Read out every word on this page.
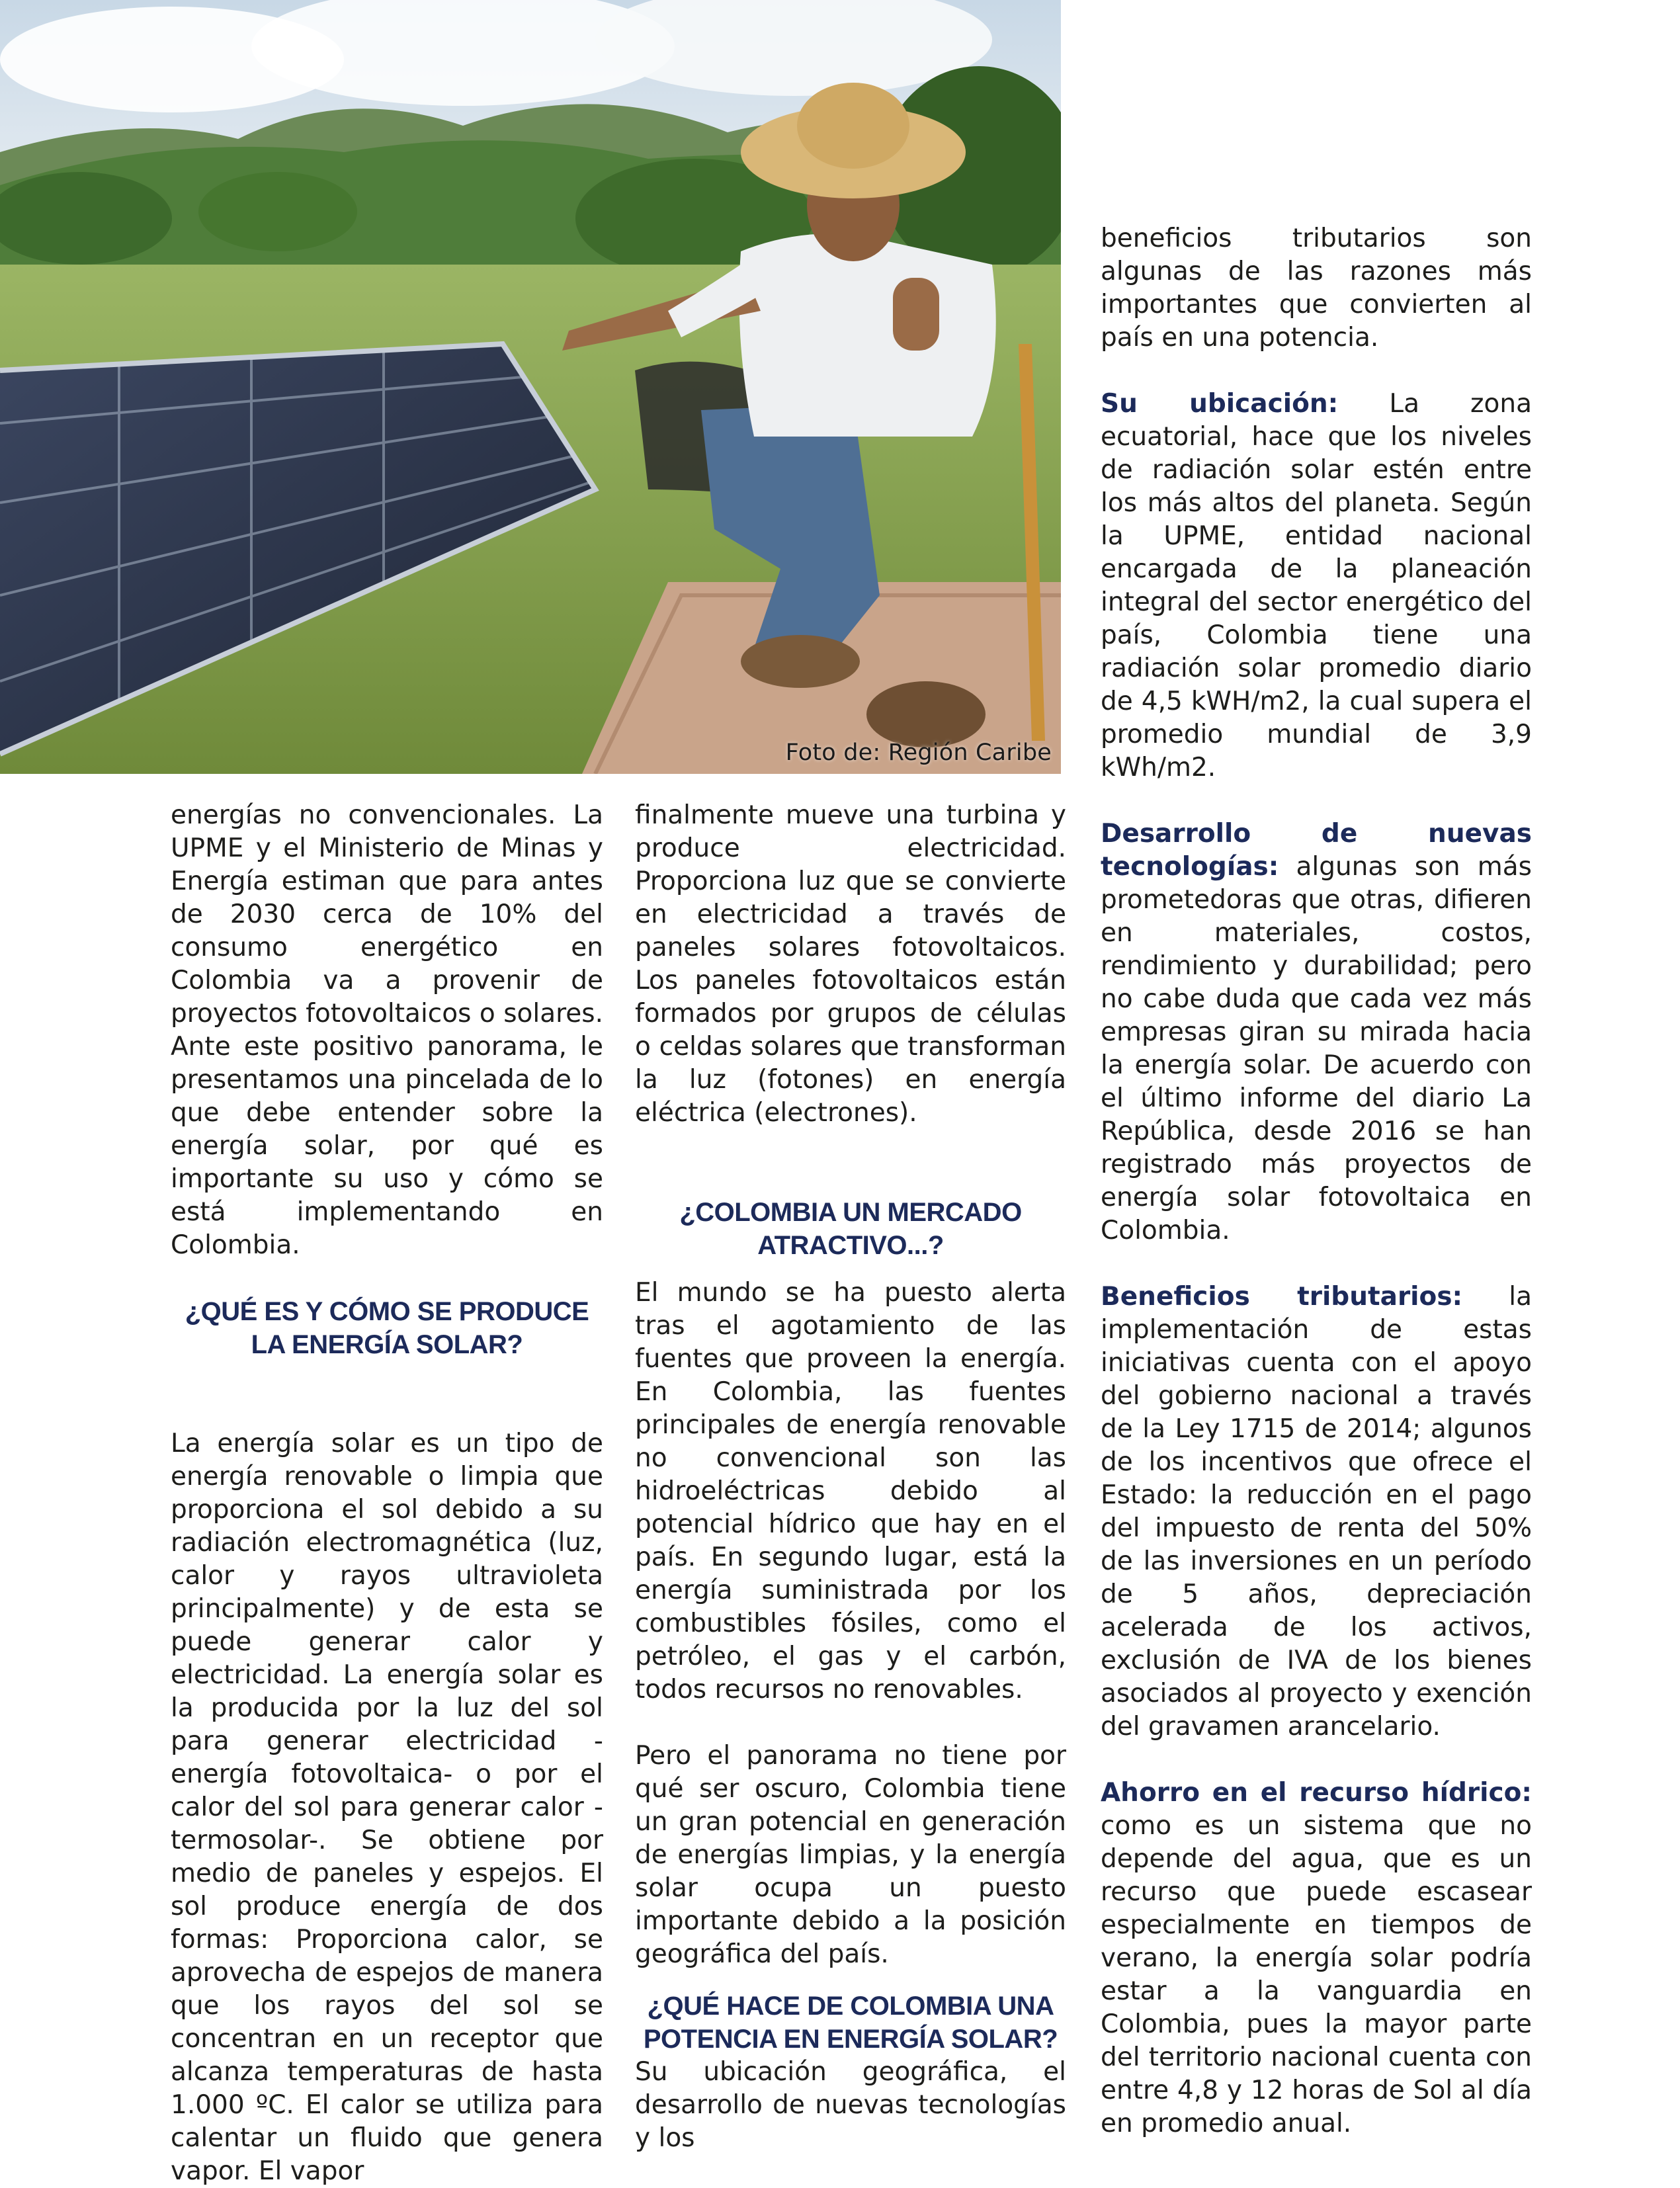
Foto de: Región Caribe

energías no convencionales. La UPME y el Ministerio de Minas y Energía estiman que para antes de 2030 cerca de 10% del consumo energético en Colombia va a provenir de proyectos fotovoltaicos o solares. Ante este positivo panorama, le presentamos una pincelada de lo que debe entender sobre la energía solar, por qué es importante su uso y cómo se está implementando en Colombia.

¿QUÉ ES Y CÓMO SE PRODUCE LA ENERGÍA SOLAR?

La energía solar es un tipo de energía renovable o limpia que proporciona el sol debido a su radiación electromagnética (luz, calor y rayos ultravioleta principalmente) y de esta se puede generar calor y electricidad. La energía solar es la producida por la luz del sol para generar electricidad -energía fotovoltaica- o por el calor del sol para generar calor -termosolar-. Se obtiene por medio de paneles y espejos. El sol produce energía de dos formas: Proporciona calor, se aprovecha de espejos de manera que los rayos del sol se concentran en un receptor que alcanza temperaturas de hasta 1.000 ºC. El calor se utiliza para calentar un fluido que genera vapor. El vapor

finalmente mueve una turbina y produce electricidad. Proporciona luz que se convierte en electricidad a través de paneles solares fotovoltaicos. Los paneles fotovoltaicos están formados por grupos de células o celdas solares que transforman la luz (fotones) en energía eléctrica (electrones).

¿COLOMBIA UN MERCADO ATRACTIVO...?

El mundo se ha puesto alerta tras el agotamiento de las fuentes que proveen la energía. En Colombia, las fuentes principales de energía renovable no convencional son las hidroeléctricas debido al potencial hídrico que hay en el país. En segundo lugar, está la energía suministrada por los combustibles fósiles, como el petróleo, el gas y el carbón, todos recursos no renovables.

Pero el panorama no tiene por qué ser oscuro, Colombia tiene un gran potencial en generación de energías limpias, y la energía solar ocupa un puesto importante debido a la posición geográfica del país.

¿QUÉ HACE DE COLOMBIA UNA POTENCIA EN ENERGÍA SOLAR?

Su ubicación geográfica, el desarrollo de nuevas tecnologías y los

beneficios tributarios son algunas de las razones más importantes que convierten al país en una potencia.

Su ubicación: La zona ecuatorial, hace que los niveles de radiación solar estén entre los más altos del planeta. Según la UPME, entidad nacional encargada de la planeación integral del sector energético del país, Colombia tiene una radiación solar promedio diario de 4,5 kWH/m2, la cual supera el promedio mundial de 3,9 kWh/m2.

Desarrollo de nuevas tecnologías: algunas son más prometedoras que otras, difieren en materiales, costos, rendimiento y durabilidad; pero no cabe duda que cada vez más empresas giran su mirada hacia la energía solar. De acuerdo con el último informe del diario La República, desde 2016 se han registrado más proyectos de energía solar fotovoltaica en Colombia.

Beneficios tributarios: la implementación de estas iniciativas cuenta con el apoyo del gobierno nacional a través de la Ley 1715 de 2014; algunos de los incentivos que ofrece el Estado: la reducción en el pago del impuesto de renta del 50% de las inversiones en un período de 5 años, depreciación acelerada de los activos, exclusión de IVA de los bienes asociados al proyecto y exención del gravamen arancelario.

Ahorro en el recurso hídrico: como es un sistema que no depende del agua, que es un recurso que puede escasear especialmente en tiempos de verano, la energía solar podría estar a la vanguardia en Colombia, pues la mayor parte del territorio nacional cuenta con entre 4,8 y 12 horas de Sol al día en promedio anual.
